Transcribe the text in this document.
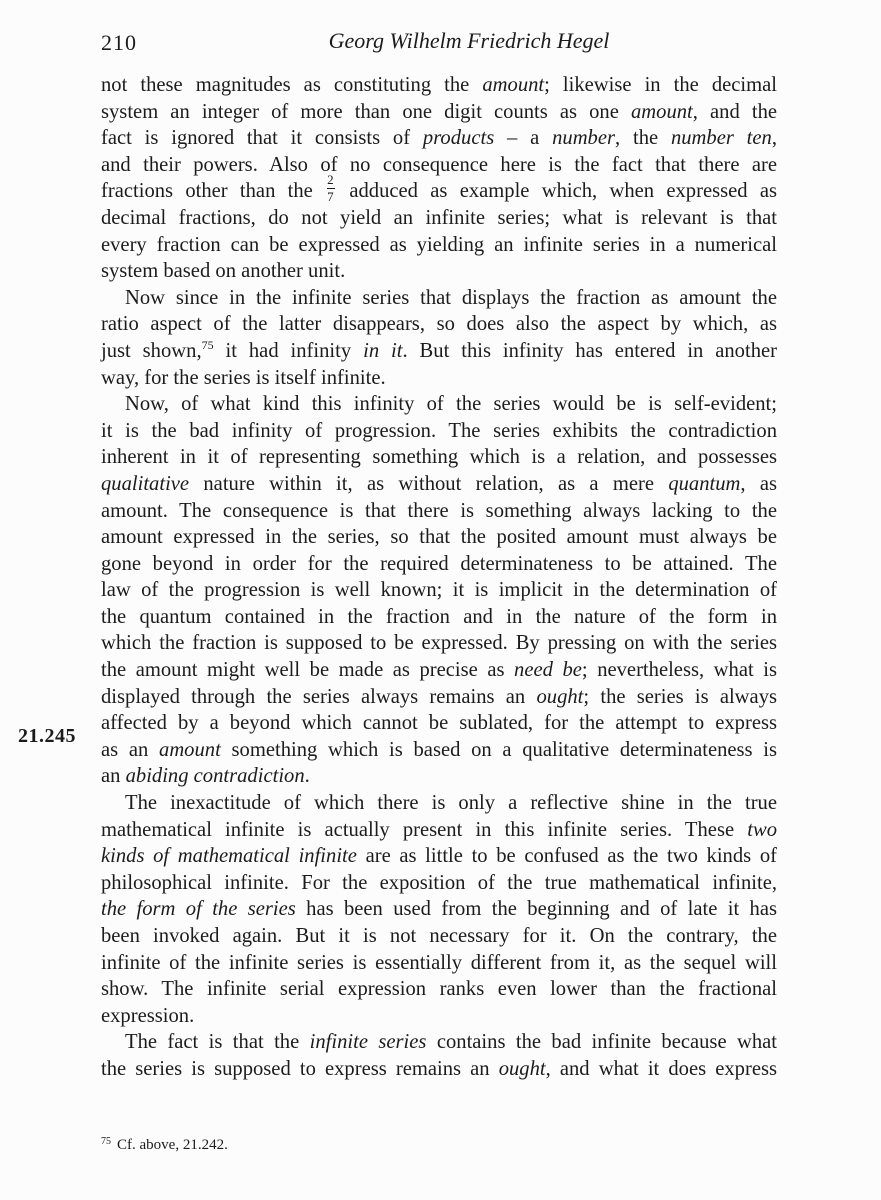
210	Georg Wilhelm Friedrich Hegel
21.245

not these magnitudes as constituting the amount; likewise in the decimal
system an integer of more than one digit counts as one amount, and the
fact is ignored that it consists of products – a number, the number ten,
and their powers. Also of no consequence here is the fact that there are
fractions other than the $\frac{2}{7}$ adduced as example which, when expressed as
decimal fractions, do not yield an infinite series; what is relevant is that
every fraction can be expressed as yielding an infinite series in a numerical
system based on another unit.

Now since in the infinite series that displays the fraction as amount the
ratio aspect of the latter disappears, so does also the aspect by which, as
just shown,$^{75}$ it had infinity in it. But this infinity has entered in another
way, for the series is itself infinite.

Now, of what kind this infinity of the series would be is self-evident;
it is the bad infinity of progression. The series exhibits the contradiction
inherent in it of representing something which is a relation, and possesses
qualitative nature within it, as without relation, as a mere quantum, as
amount. The consequence is that there is something always lacking to the
amount expressed in the series, so that the posited amount must always be
gone beyond in order for the required determinateness to be attained. The
law of the progression is well known; it is implicit in the determination of
the quantum contained in the fraction and in the nature of the form in
which the fraction is supposed to be expressed. By pressing on with the series
the amount might well be made as precise as need be; nevertheless, what is
displayed through the series always remains an ought; the series is always
affected by a beyond which cannot be sublated, for the attempt to express
as an amount something which is based on a qualitative determinateness is
an abiding contradiction.

The inexactitude of which there is only a reflective shine in the true
mathematical infinite is actually present in this infinite series. These two
kinds of mathematical infinite are as little to be confused as the two kinds of
philosophical infinite. For the exposition of the true mathematical infinite,
the form of the series has been used from the beginning and of late it has
been invoked again. But it is not necessary for it. On the contrary, the
infinite of the infinite series is essentially different from it, as the sequel will
show. The infinite serial expression ranks even lower than the fractional
expression.

The fact is that the infinite series contains the bad infinite because what
the series is supposed to express remains an ought, and what it does express

$^{75}$ Cf. above, 21.242.
